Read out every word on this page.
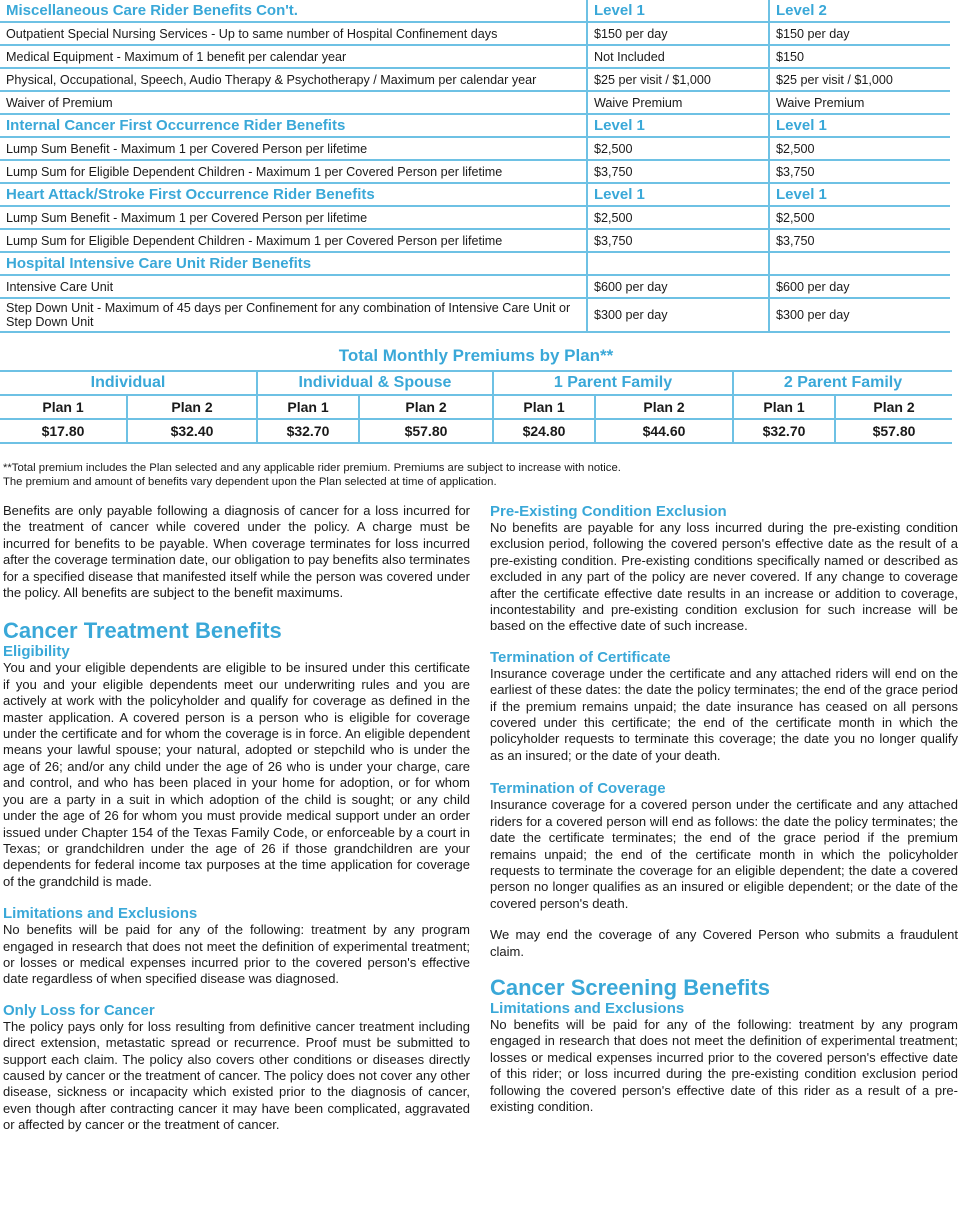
Miscellaneous Care Rider Benefits Con't.	Level 1	Level 2
Outpatient Special Nursing Services - Up to same number of Hospital Confinement days	$150 per day	$150 per day
Medical Equipment - Maximum of 1 benefit per calendar year	Not Included	$150
Physical, Occupational, Speech, Audio Therapy & Psychotherapy / Maximum per calendar year	$25 per visit / $1,000	$25 per visit / $1,000
Waiver of Premium	Waive Premium	Waive Premium
Internal Cancer First Occurrence Rider Benefits	Level 1	Level 1
Lump Sum Benefit - Maximum 1 per Covered Person per lifetime	$2,500	$2,500
Lump Sum for Eligible Dependent Children - Maximum 1 per Covered Person per lifetime	$3,750	$3,750
Heart Attack/Stroke First Occurrence Rider Benefits	Level 1	Level 1
Lump Sum Benefit - Maximum 1 per Covered Person per lifetime	$2,500	$2,500
Lump Sum for Eligible Dependent Children - Maximum 1 per Covered Person per lifetime	$3,750	$3,750
Hospital Intensive Care Unit Rider Benefits		
Intensive Care Unit	$600 per day	$600 per day
Step Down Unit - Maximum of 45 days per Confinement for any combination of Intensive Care Unit or Step Down Unit	$300 per day	$300 per day
Total Monthly Premiums by Plan**
Individual		Individual & Spouse		1 Parent Family		2 Parent Family	
Plan 1	Plan 2	Plan 1	Plan 2	Plan 1	Plan 2	Plan 1	Plan 2
$17.80	$32.40	$32.70	$57.80	$24.80	$44.60	$32.70	$57.80
**Total premium includes the Plan selected and any applicable rider premium. Premiums are subject to increase with notice.
The premium and amount of benefits vary dependent upon the Plan selected at time of application.

Benefits are only payable following a diagnosis of cancer for a loss incurred for the treatment of cancer while covered under the policy. A charge must be incurred for benefits to be payable. When coverage terminates for loss incurred after the coverage termination date, our obligation to pay benefits also terminates for a specified disease that manifested itself while the person was covered under the policy. All benefits are subject to the benefit maximums.

Cancer Treatment Benefits
Eligibility

You and your eligible dependents are eligible to be insured under this certificate if you and your eligible dependents meet our underwriting rules and you are actively at work with the policyholder and qualify for coverage as defined in the master application. A covered person is a person who is eligible for coverage under the certificate and for whom the coverage is in force. An eligible dependent means your lawful spouse; your natural, adopted or stepchild who is under the age of 26; and/or any child under the age of 26 who is under your charge, care and control, and who has been placed in your home for adoption, or for whom you are a party in a suit in which adoption of the child is sought; or any child under the age of 26 for whom you must provide medical support under an order issued under Chapter 154 of the Texas Family Code, or enforceable by a court in Texas; or grandchildren under the age of 26 if those grandchildren are your dependents for federal income tax purposes at the time application for coverage of the grandchild is made.

Limitations and Exclusions

No benefits will be paid for any of the following: treatment by any program engaged in research that does not meet the definition of experimental treatment; or losses or medical expenses incurred prior to the covered person's effective date regardless of when specified disease was diagnosed.

Only Loss for Cancer

The policy pays only for loss resulting from definitive cancer treatment including direct extension, metastatic spread or recurrence. Proof must be submitted to support each claim. The policy also covers other conditions or diseases directly caused by cancer or the treatment of cancer. The policy does not cover any other disease, sickness or incapacity which existed prior to the diagnosis of cancer, even though after contracting cancer it may have been complicated, aggravated or affected by cancer or the treatment of cancer.

Pre-Existing Condition Exclusion

No benefits are payable for any loss incurred during the pre-existing condition exclusion period, following the covered person's effective date as the result of a pre-existing condition. Pre-existing conditions specifically named or described as excluded in any part of the policy are never covered. If any change to coverage after the certificate effective date results in an increase or addition to coverage, incontestability and pre-existing condition exclusion for such increase will be based on the effective date of such increase.

Termination of Certificate

Insurance coverage under the certificate and any attached riders will end on the earliest of these dates: the date the policy terminates; the end of the grace period if the premium remains unpaid; the date insurance has ceased on all persons covered under this certificate; the end of the certificate month in which the policyholder requests to terminate this coverage; the date you no longer qualify as an insured; or the date of your death.

Termination of Coverage

Insurance coverage for a covered person under the certificate and any attached riders for a covered person will end as follows: the date the policy terminates; the date the certificate terminates; the end of the grace period if the premium remains unpaid; the end of the certificate month in which the policyholder requests to terminate the coverage for an eligible dependent; the date a covered person no longer qualifies as an insured or eligible dependent; or the date of the covered person's death.

We may end the coverage of any Covered Person who submits a fraudulent claim.

Cancer Screening Benefits
Limitations and Exclusions

No benefits will be paid for any of the following: treatment by any program engaged in research that does not meet the definition of experimental treatment; losses or medical expenses incurred prior to the covered person's effective date of this rider; or loss incurred during the pre-existing condition exclusion period following the covered person's effective date of this rider as a result of a pre-existing condition.
